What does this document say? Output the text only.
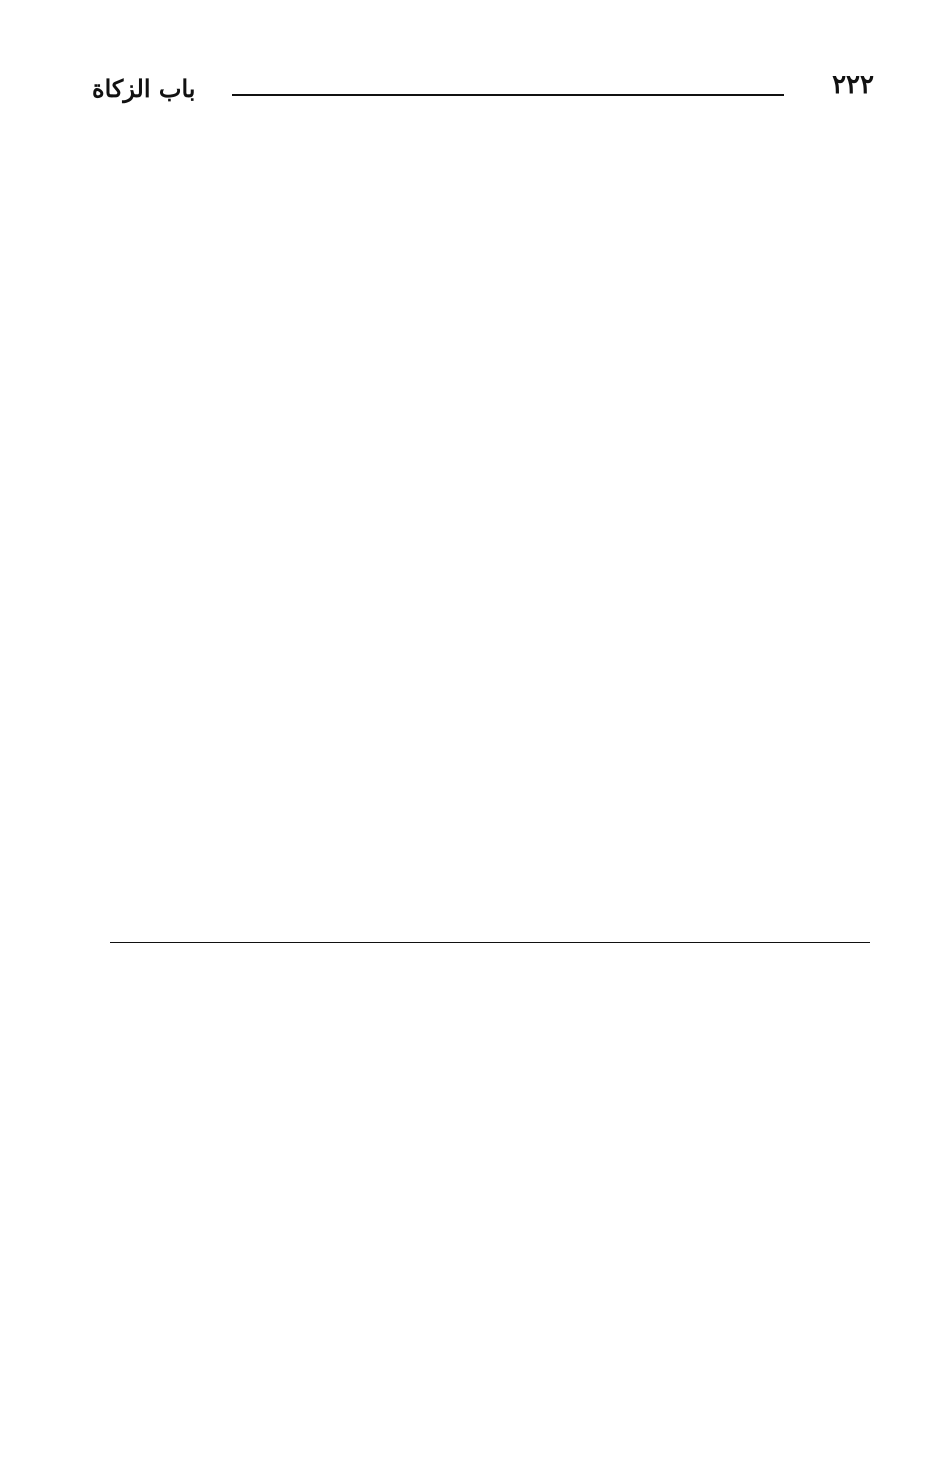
٢٢٢
باب الزكاة
